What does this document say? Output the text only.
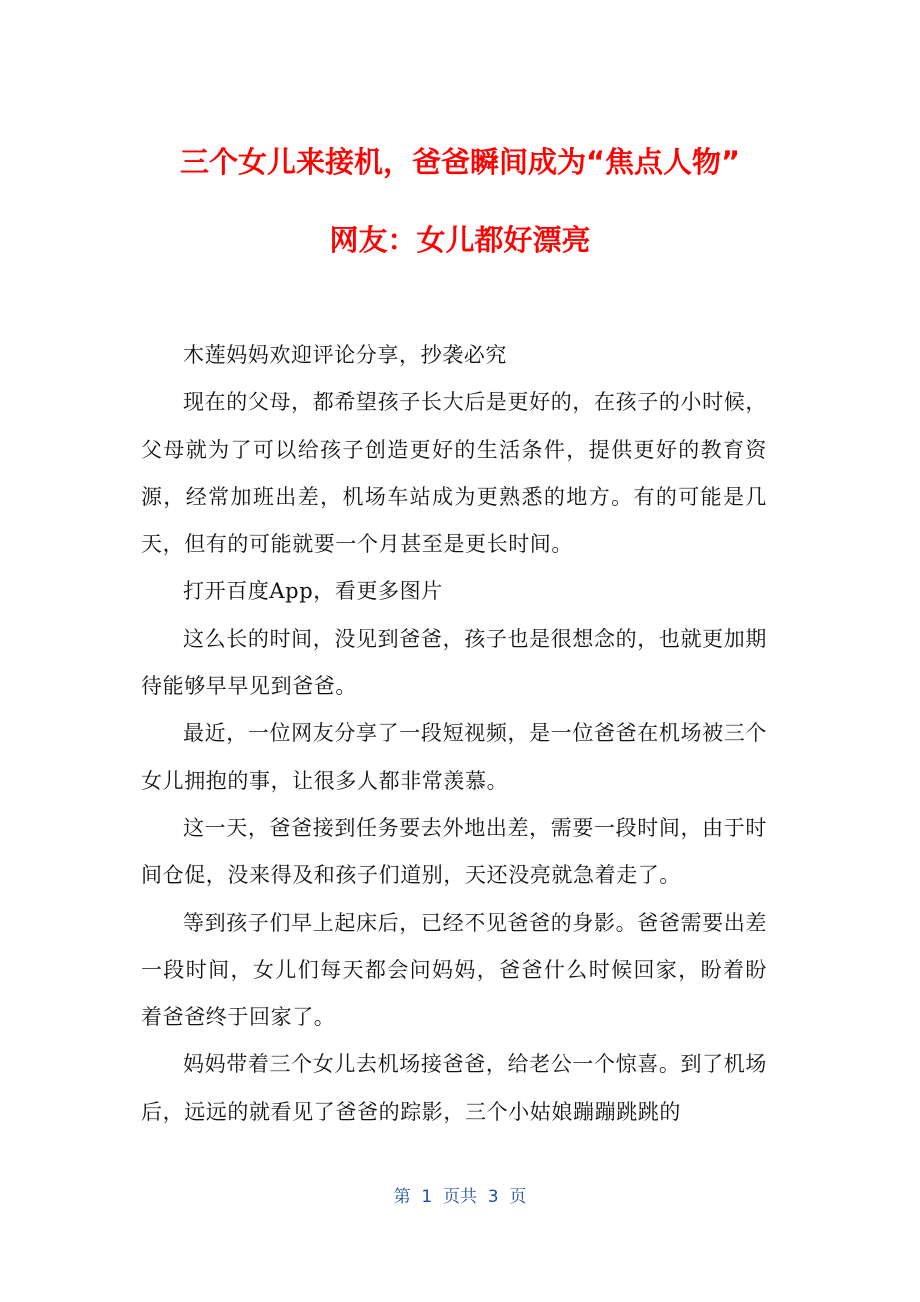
三个女儿来接机，爸爸瞬间成为“焦点人物”
网友：女儿都好漂亮

木莲妈妈欢迎评论分享，抄袭必究

现在的父母，都希望孩子长大后是更好的，在孩子的小时候，父母就为了可以给孩子创造更好的生活条件，提供更好的教育资源，经常加班出差，机场车站成为更熟悉的地方。有的可能是几天，但有的可能就要一个月甚至是更长时间。

打开百度App，看更多图片

这么长的时间，没见到爸爸，孩子也是很想念的，也就更加期待能够早早见到爸爸。

最近，一位网友分享了一段短视频，是一位爸爸在机场被三个女儿拥抱的事，让很多人都非常羡慕。

这一天，爸爸接到任务要去外地出差，需要一段时间，由于时间仓促，没来得及和孩子们道别，天还没亮就急着走了。

等到孩子们早上起床后，已经不见爸爸的身影。爸爸需要出差一段时间，女儿们每天都会问妈妈，爸爸什么时候回家，盼着盼着爸爸终于回家了。

妈妈带着三个女儿去机场接爸爸，给老公一个惊喜。到了机场后，远远的就看见了爸爸的踪影，三个小姑娘蹦蹦跳跳的

第  1  页共  3  页
